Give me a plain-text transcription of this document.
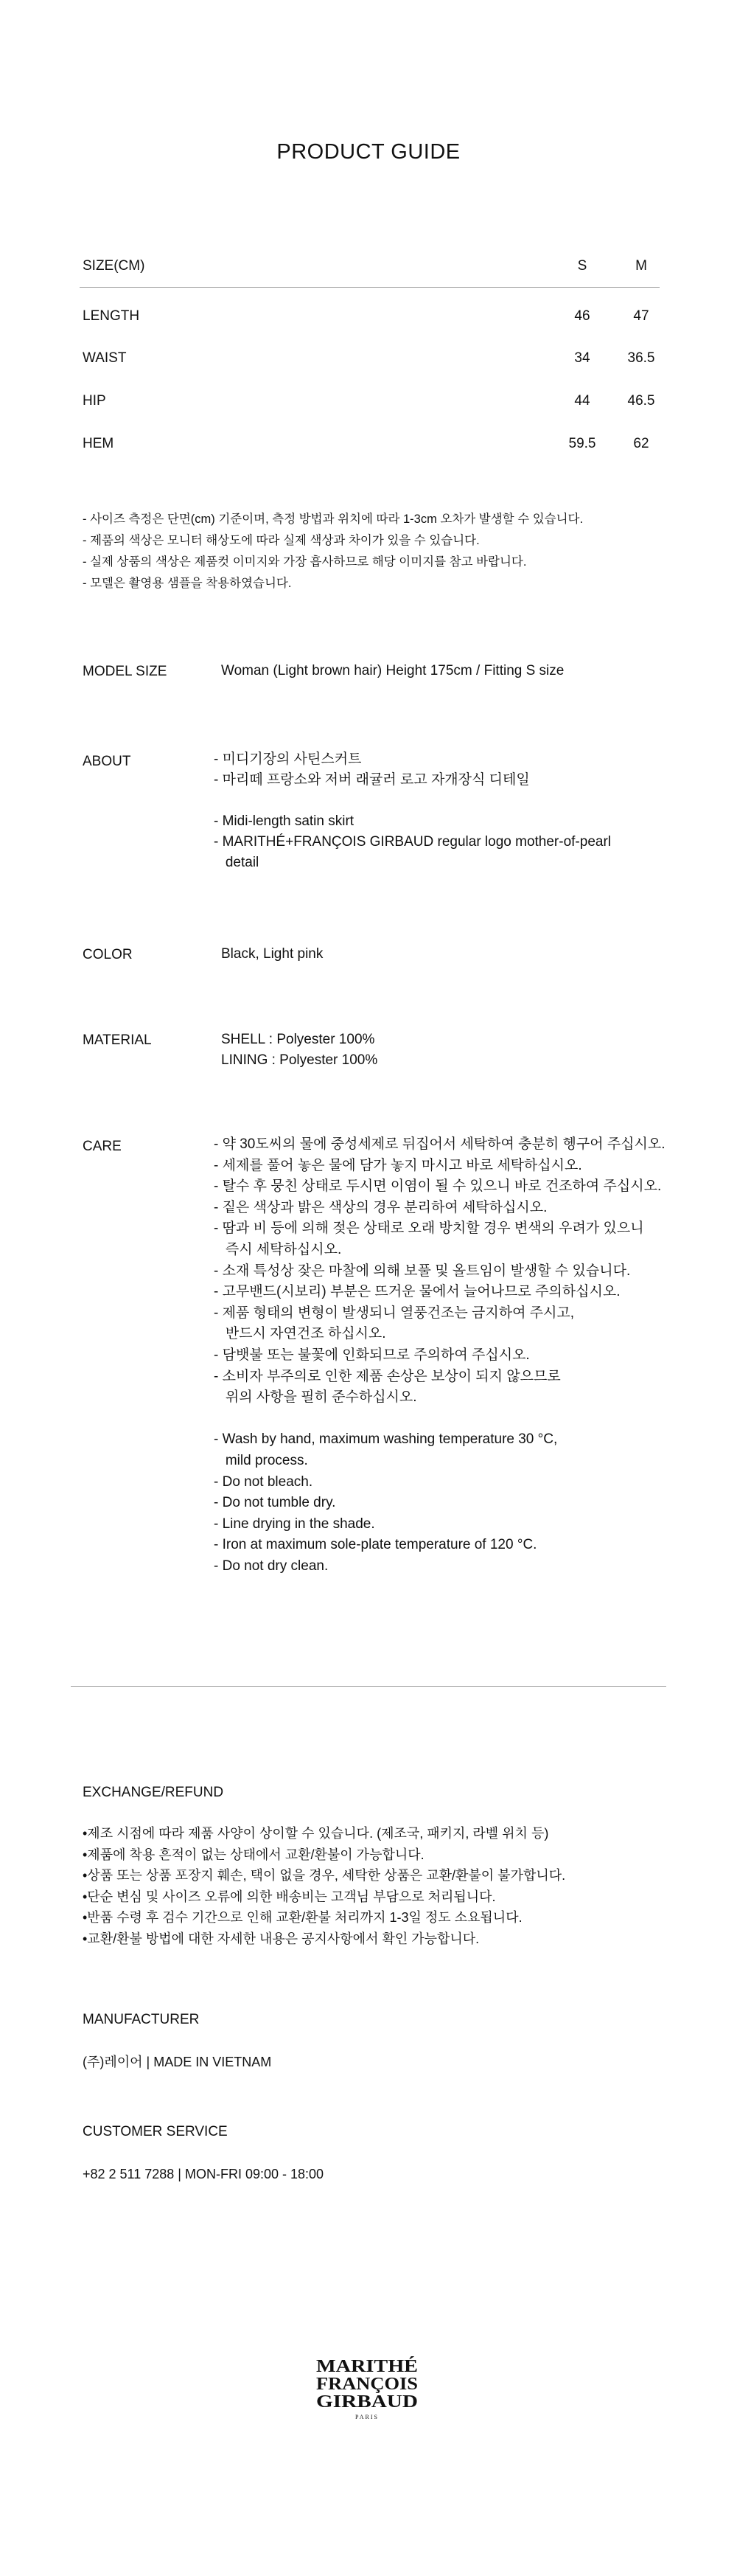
PRODUCT GUIDE
SIZE(CM)	S	M
LENGTH	46	47
WAIST	34	36.5
HIP	44	46.5
HEM	59.5	62
- 사이즈 측정은 단면(cm) 기준이며, 측정 방법과 위치에 따라 1-3cm 오차가 발생할 수 있습니다.
- 제품의 색상은 모니터 해상도에 따라 실제 색상과 차이가 있을 수 있습니다.
- 실제 상품의 색상은 제품컷 이미지와 가장 흡사하므로 해당 이미지를 참고 바랍니다.
- 모델은 촬영용 샘플을 착용하였습니다.
MODEL SIZE	Woman (Light brown hair) Height 175cm / Fitting S size
ABOUT	- 미디기장의 사틴스커트
- 마리떼 프랑소와 저버 래귤러 로고 자개장식 디테일
- Midi-length satin skirt
- MARITHÉ+FRANÇOIS GIRBAUD regular logo mother-of-pearl
detail
COLOR	Black, Light pink
MATERIAL	SHELL : Polyester 100%
LINING : Polyester 100%
CARE	- 약 30도씨의 물에 중성세제로 뒤집어서 세탁하여 충분히 헹구어 주십시오.
- 세제를 풀어 놓은 물에 담가 놓지 마시고 바로 세탁하십시오.
- 탈수 후 뭉친 상태로 두시면 이염이 될 수 있으니 바로 건조하여 주십시오.
- 짙은 색상과 밝은 색상의 경우 분리하여 세탁하십시오.
- 땀과 비 등에 의해 젖은 상태로 오래 방치할 경우 변색의 우려가 있으니
즉시 세탁하십시오.
- 소재 특성상 잦은 마찰에 의해 보풀 및 올트임이 발생할 수 있습니다.
- 고무밴드(시보리) 부분은 뜨거운 물에서 늘어나므로 주의하십시오.
- 제품 형태의 변형이 발생되니 열풍건조는 금지하여 주시고,
반드시 자연건조 하십시오.
- 담뱃불 또는 불꽃에 인화되므로 주의하여 주십시오.
- 소비자 부주의로 인한 제품 손상은 보상이 되지 않으므로
위의 사항을 필히 준수하십시오.
- Wash by hand, maximum washing temperature 30 °C,
mild process.
- Do not bleach.
- Do not tumble dry.
- Line drying in the shade.
- Iron at maximum sole-plate temperature of 120 °C.
- Do not dry clean.
EXCHANGE/REFUND
•제조 시점에 따라 제품 사양이 상이할 수 있습니다. (제조국, 패키지, 라벨 위치 등)
•제품에 착용 흔적이 없는 상태에서 교환/환불이 가능합니다.
•상품 또는 상품 포장지 훼손, 택이 없을 경우, 세탁한 상품은 교환/환불이 불가합니다.
•단순 변심 및 사이즈 오류에 의한 배송비는 고객님 부담으로 처리됩니다.
•반품 수령 후 검수 기간으로 인해 교환/환불 처리까지 1-3일 정도 소요됩니다.
•교환/환불 방법에 대한 자세한 내용은 공지사항에서 확인 가능합니다.
MANUFACTURER
(주)레이어 | MADE IN VIETNAM
CUSTOMER SERVICE
+82 2 511 7288 | MON-FRI 09:00 - 18:00
MARITHÉ
FRANÇOIS
GIRBAUD
PARIS
